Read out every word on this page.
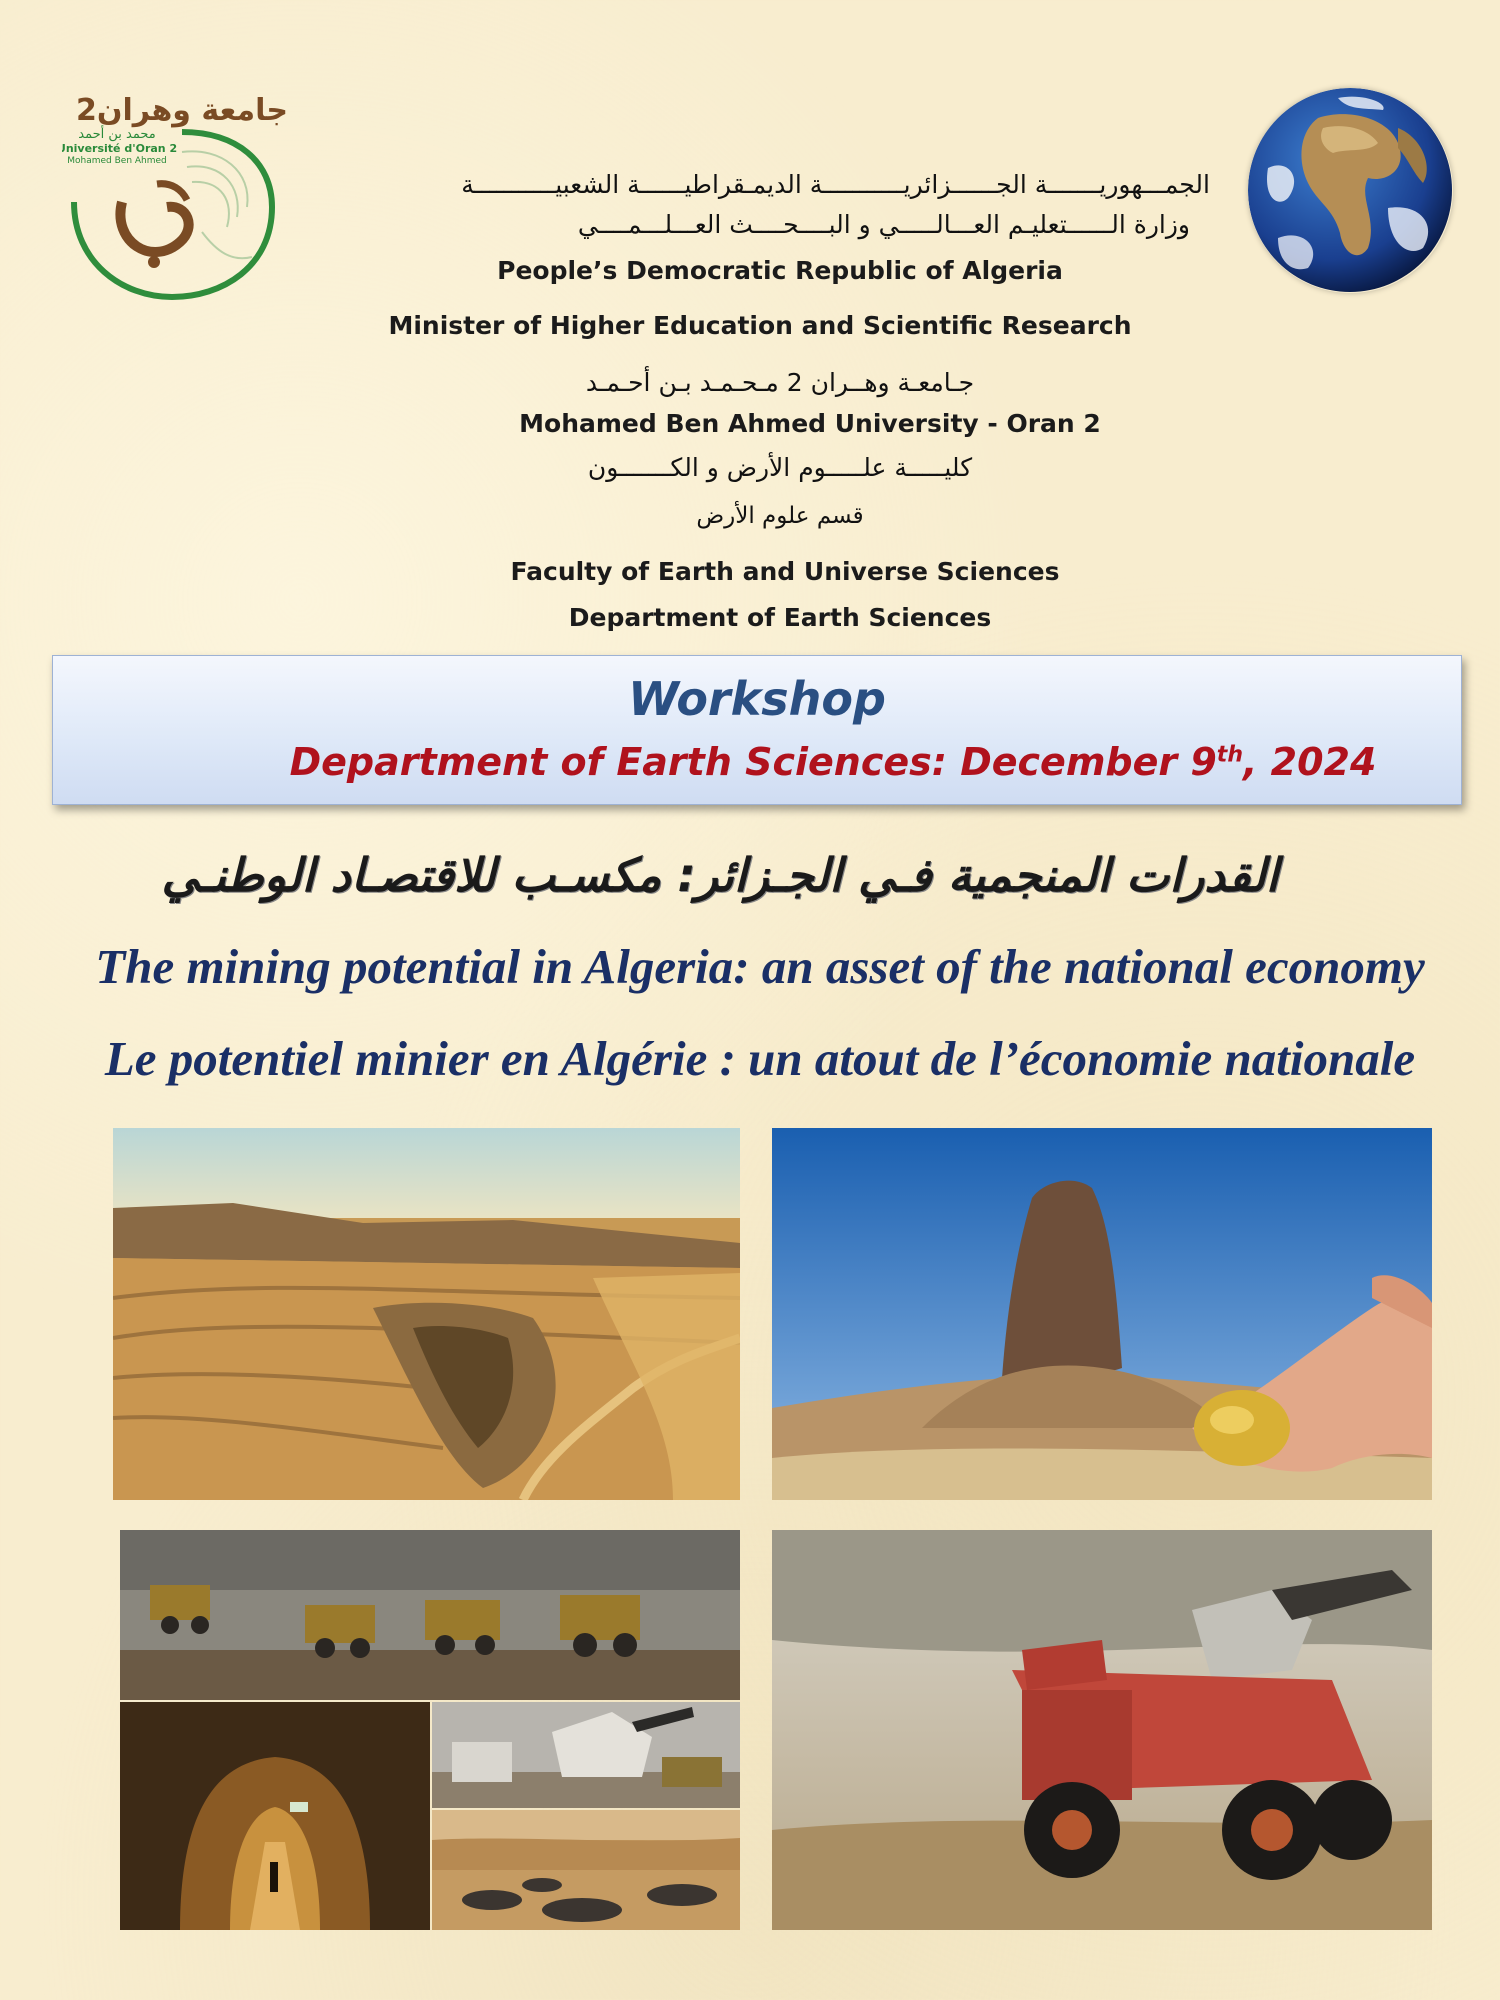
جامعة وهران2
محمد بن أحمد
Université d'Oran 2
Mohamed Ben Ahmed
الجمـــهوريـــــــة الجــــــزائريـــــــــــة الديمـقراطيــــــة الشعبيـــــــــــة
وزارة الــــــتعليـم العـــالـــــي و البــــحــــث العـــلـــمــــي
People’s Democratic Republic of Algeria
Minister of Higher Education and Scientific Research
جـامعـة وهــران 2 مـحـمـد بـن أحـمـد
Mohamed Ben Ahmed University - Oran 2
كليـــــة علـــــوم الأرض و الكـــــــون
قسم علوم الأرض
Faculty of Earth and Universe Sciences
Department of Earth Sciences
Workshop
Department of Earth Sciences: December 9th, 2024
القدرات المنجمية فـي الجـزائر: مكسـب للاقتصـاد الوطنـي
The mining potential in Algeria: an asset of the national economy
Le potentiel minier en Algérie : un atout de l’économie nationale
